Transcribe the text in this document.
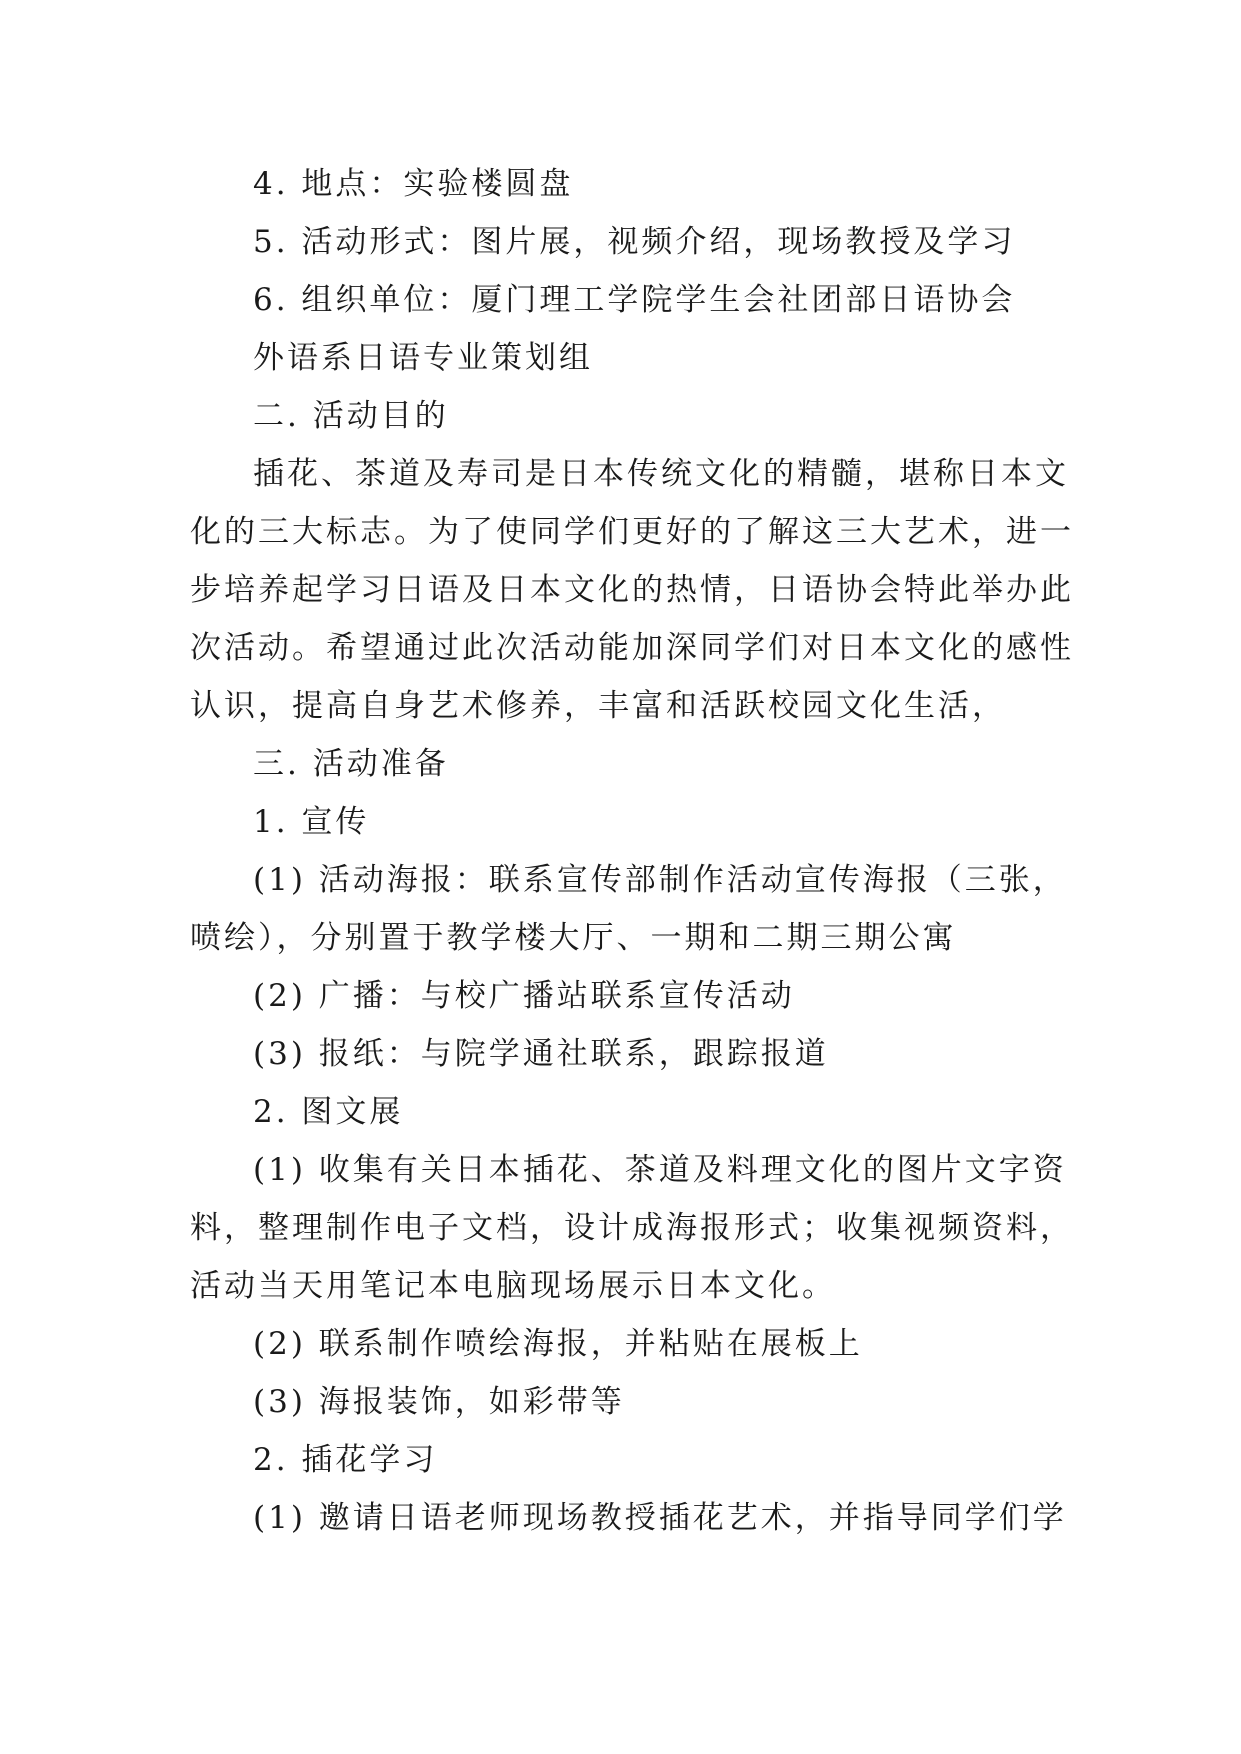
4. 地点：实验楼圆盘
5. 活动形式：图片展，视频介绍，现场教授及学习
6. 组织单位：厦门理工学院学生会社团部日语协会
外语系日语专业策划组
二. 活动目的
插花、茶道及寿司是日本传统文化的精髓，堪称日本文
化的三大标志。为了使同学们更好的了解这三大艺术，进一
步培养起学习日语及日本文化的热情，日语协会特此举办此
次活动。希望通过此次活动能加深同学们对日本文化的感性
认识，提高自身艺术修养，丰富和活跃校园文化生活，
三. 活动准备
1. 宣传
(1) 活动海报：联系宣传部制作活动宣传海报（三张，
喷绘），分别置于教学楼大厅、一期和二期三期公寓
(2) 广播：与校广播站联系宣传活动
(3) 报纸：与院学通社联系，跟踪报道
2. 图文展
(1) 收集有关日本插花、茶道及料理文化的图片文字资
料，整理制作电子文档，设计成海报形式；收集视频资料，
活动当天用笔记本电脑现场展示日本文化。
(2) 联系制作喷绘海报，并粘贴在展板上
(3) 海报装饰，如彩带等
2. 插花学习
(1) 邀请日语老师现场教授插花艺术，并指导同学们学
